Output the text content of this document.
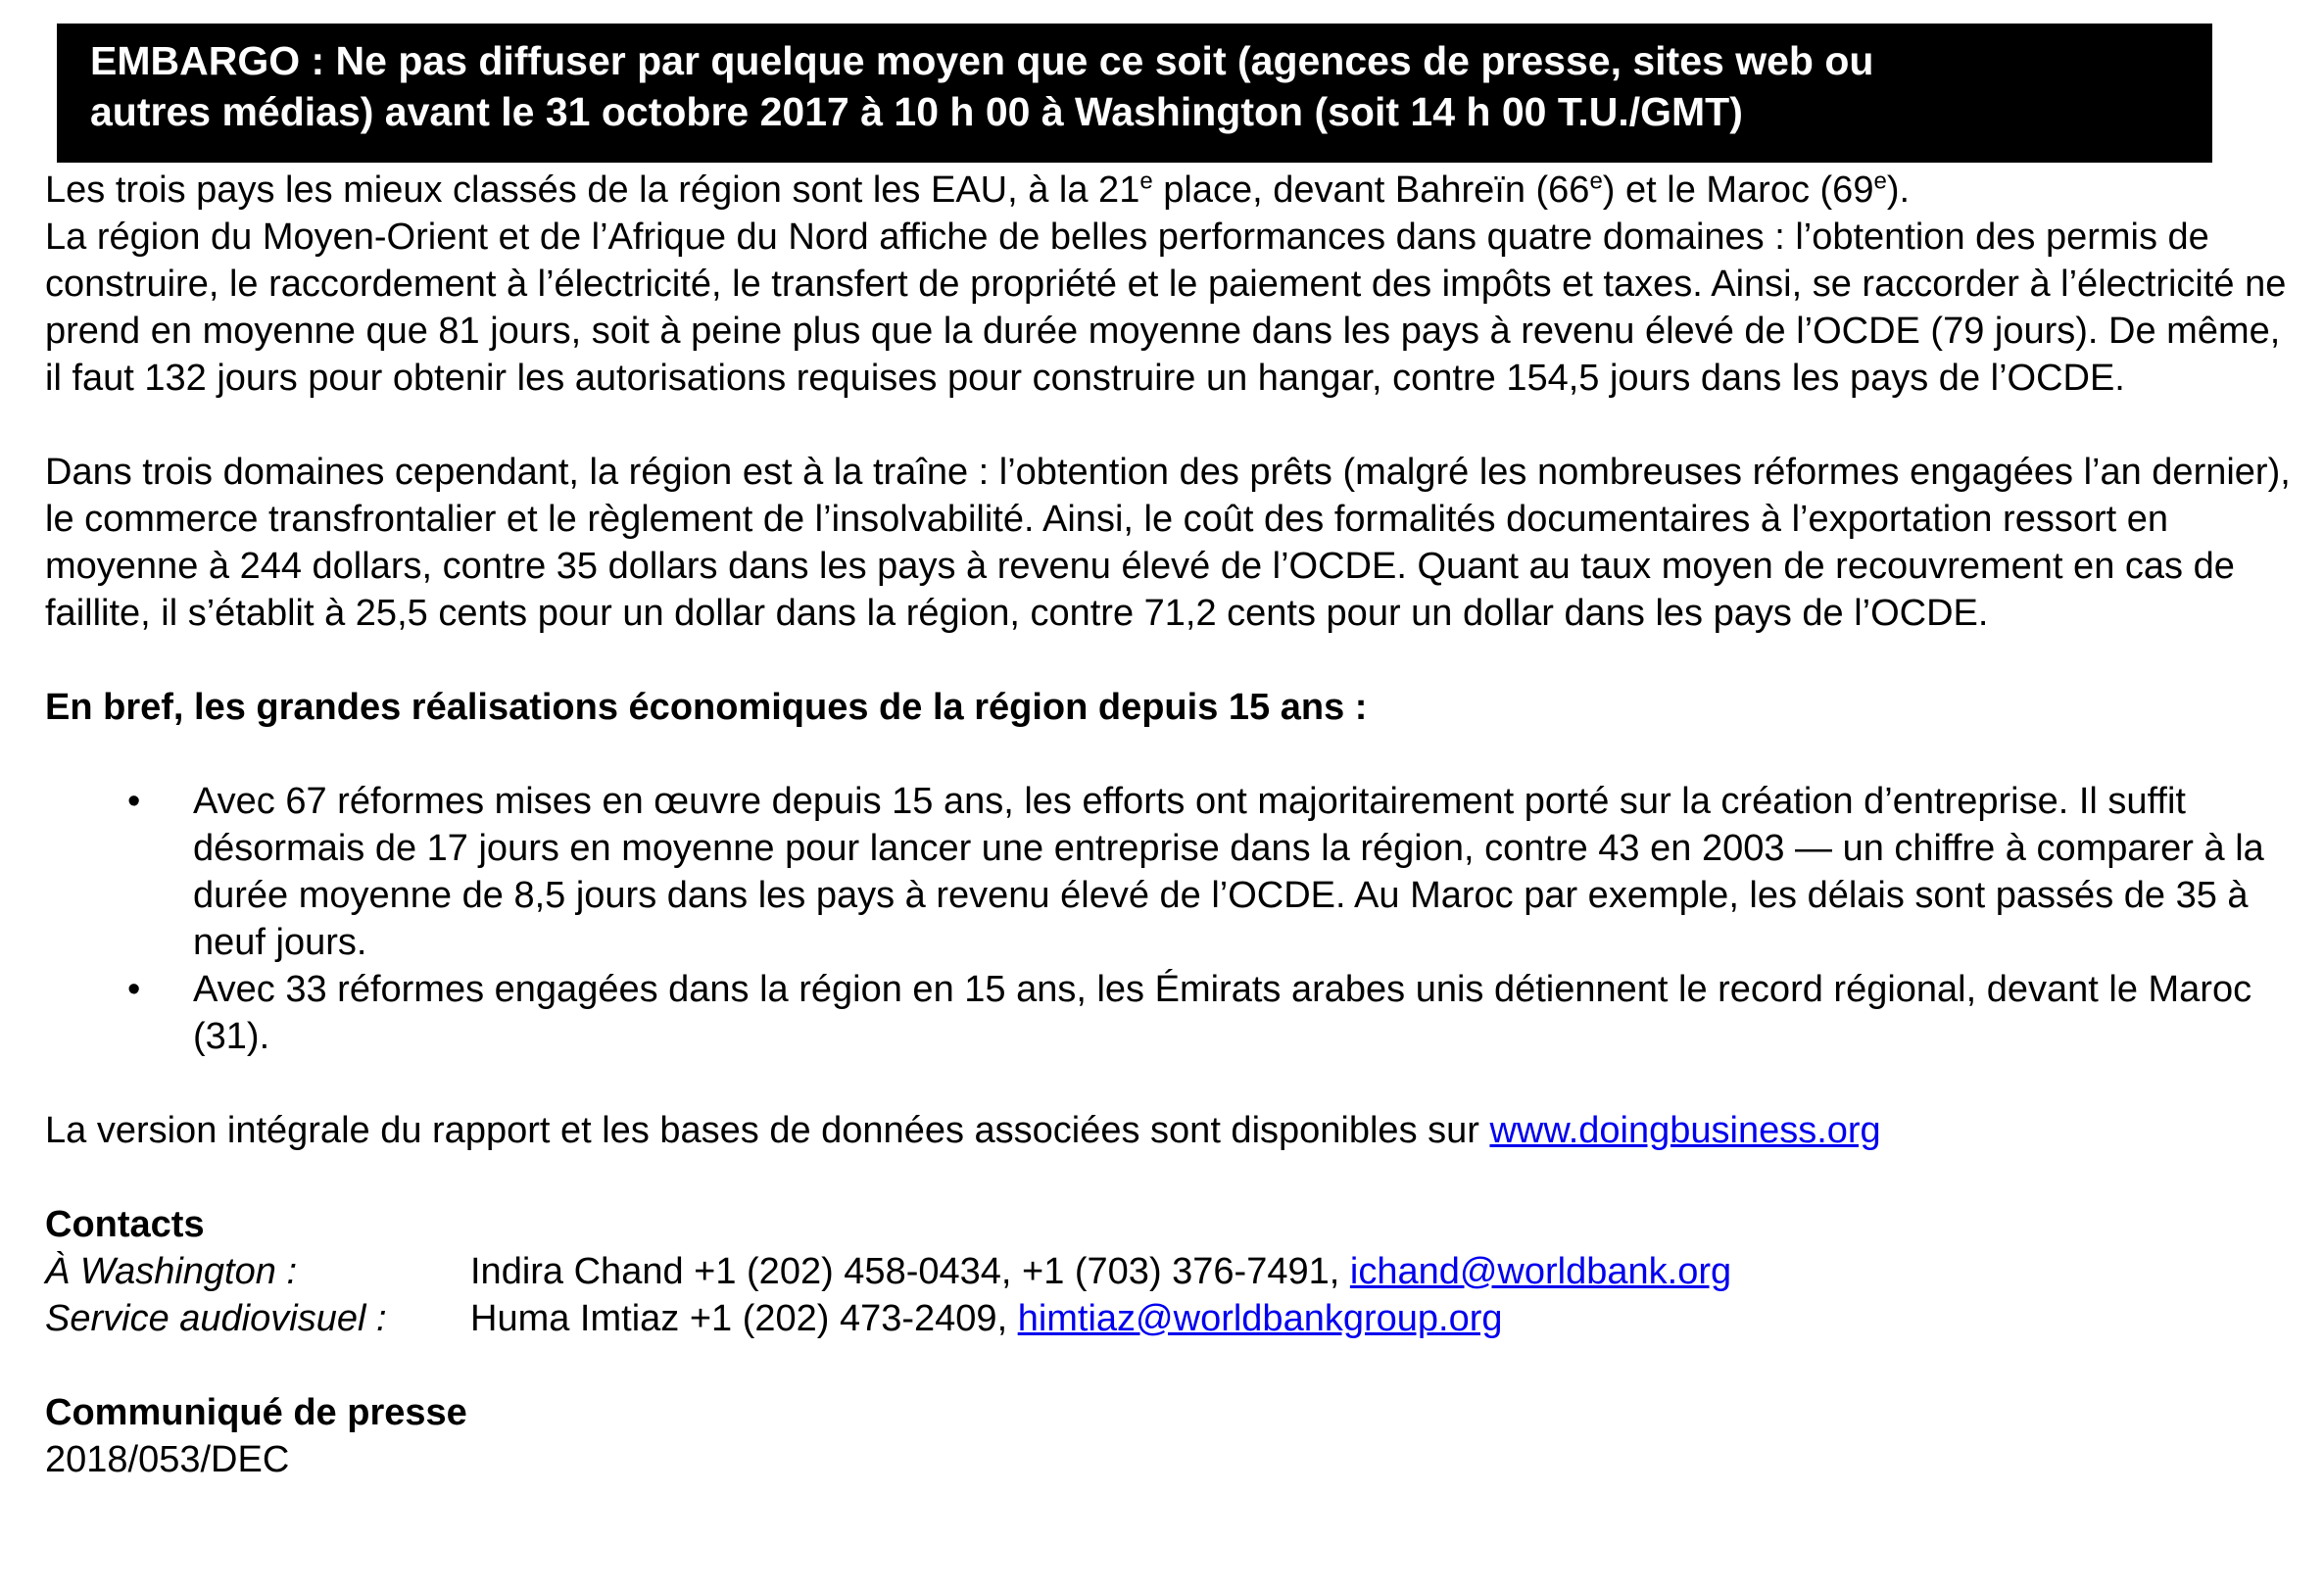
EMBARGO : Ne pas diffuser par quelque moyen que ce soit (agences de presse, sites web ou
autres médias) avant le 31 octobre 2017 à 10 h 00 à Washington (soit 14 h 00 T.U./GMT)

Les trois pays les mieux classés de la région sont les EAU, à la 21e place, devant Bahreïn (66e) et le Maroc (69e).

La région du Moyen-Orient et de l’Afrique du Nord affiche de belles performances dans quatre domaines : l’obtention des permis de construire, le raccordement à l’électricité, le transfert de propriété et le paiement des impôts et taxes. Ainsi, se raccorder à l’électricité ne prend en moyenne que 81 jours, soit à peine plus que la durée moyenne dans les pays à revenu élevé de l’OCDE (79 jours). De même, il faut 132 jours pour obtenir les autorisations requises pour construire un hangar, contre 154,5 jours dans les pays de l’OCDE.

Dans trois domaines cependant, la région est à la traîne : l’obtention des prêts (malgré les nombreuses réformes engagées l’an dernier), le commerce transfrontalier et le règlement de l’insolvabilité. Ainsi, le coût des formalités documentaires à l’exportation ressort en moyenne à 244 dollars, contre 35 dollars dans les pays à revenu élevé de l’OCDE. Quant au taux moyen de recouvrement en cas de faillite, il s’établit à 25,5 cents pour un dollar dans la région, contre 71,2 cents pour un dollar dans les pays de l’OCDE.

En bref, les grandes réalisations économiques de la région depuis 15 ans :

• Avec 67 réformes mises en œuvre depuis 15 ans, les efforts ont majoritairement porté sur la création d’entreprise. Il suffit désormais de 17 jours en moyenne pour lancer une entreprise dans la région, contre 43 en 2003 — un chiffre à comparer à la durée moyenne de 8,5 jours dans les pays à revenu élevé de l’OCDE. Au Maroc par exemple, les délais sont passés de 35 à neuf jours.
• Avec 33 réformes engagées dans la région en 15 ans, les Émirats arabes unis détiennent le record régional, devant le Maroc (31).

La version intégrale du rapport et les bases de données associées sont disponibles sur www.doingbusiness.org

Contacts

À Washington :	Indira Chand +1 (202) 458-0434, +1 (703) 376-7491, ichand@worldbank.org
Service audiovisuel :	Huma Imtiaz +1 (202) 473-2409, himtiaz@worldbankgroup.org

Communiqué de presse

2018/053/DEC
